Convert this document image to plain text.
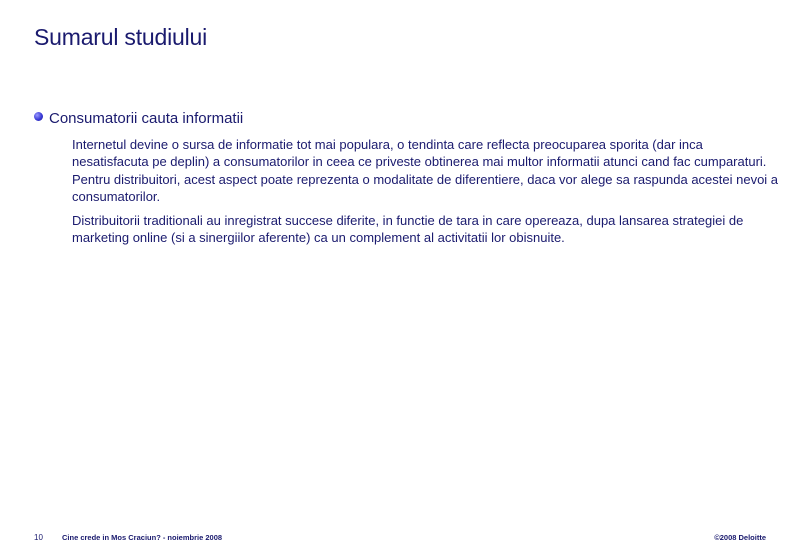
Sumarul studiului
Consumatorii cauta informatii

Internetul devine o sursa de informatie tot mai populara, o tendinta care reflecta preocuparea sporita (dar inca nesatisfacuta pe deplin) a consumatorilor in ceea ce priveste obtinerea mai multor informatii atunci cand fac cumparaturi. Pentru distribuitori, acest aspect poate reprezenta o modalitate de diferentiere, daca vor alege sa raspunda acestei nevoi a consumatorilor.

Distribuitorii traditionali au inregistrat succese diferite, in functie de tara in care opereaza, dupa lansarea strategiei de marketing online (si a sinergiilor aferente) ca un complement al activitatii lor obisnuite.

10	Cine crede in Mos Craciun? - noiembrie 2008	©2008 Deloitte
